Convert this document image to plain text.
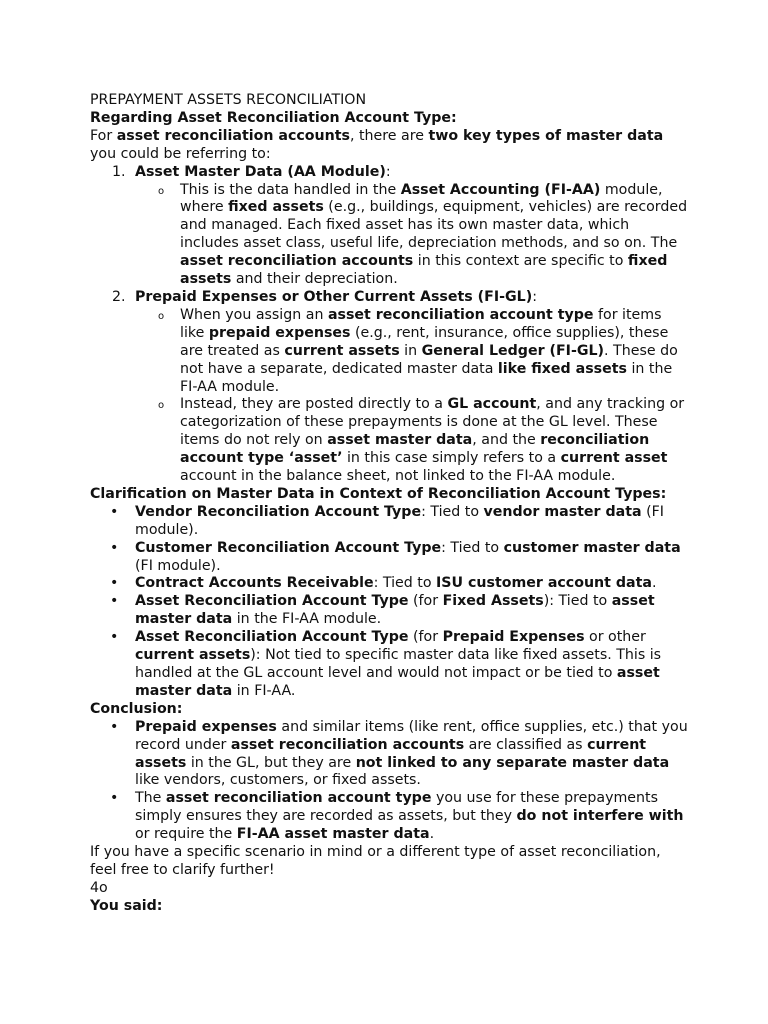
PREPAYMENT ASSETS RECONCILIATION

Regarding Asset Reconciliation Account Type:

For asset reconciliation accounts, there are two key types of master data you could be referring to:

1. Asset Master Data (AA Module):
o This is the data handled in the Asset Accounting (FI-AA) module, where fixed assets (e.g., buildings, equipment, vehicles) are recorded and managed. Each fixed asset has its own master data, which includes asset class, useful life, depreciation methods, and so on. The asset reconciliation accounts in this context are specific to fixed assets and their depreciation.
2. Prepaid Expenses or Other Current Assets (FI-GL):
o When you assign an asset reconciliation account type for items like prepaid expenses (e.g., rent, insurance, office supplies), these are treated as current assets in General Ledger (FI-GL). These do not have a separate, dedicated master data like fixed assets in the FI-AA module.
o Instead, they are posted directly to a GL account, and any tracking or categorization of these prepayments is done at the GL level. These items do not rely on asset master data, and the reconciliation account type ‘asset’ in this case simply refers to a current asset account in the balance sheet, not linked to the FI-AA module.

Clarification on Master Data in Context of Reconciliation Account Types:

• Vendor Reconciliation Account Type: Tied to vendor master data (FI module).
• Customer Reconciliation Account Type: Tied to customer master data (FI module).
• Contract Accounts Receivable: Tied to ISU customer account data.
• Asset Reconciliation Account Type (for Fixed Assets): Tied to asset master data in the FI-AA module.
• Asset Reconciliation Account Type (for Prepaid Expenses or other current assets): Not tied to specific master data like fixed assets. This is handled at the GL account level and would not impact or be tied to asset master data in FI-AA.

Conclusion:

• Prepaid expenses and similar items (like rent, office supplies, etc.) that you record under asset reconciliation accounts are classified as current assets in the GL, but they are not linked to any separate master data like vendors, customers, or fixed assets.
• The asset reconciliation account type you use for these prepayments simply ensures they are recorded as assets, but they do not interfere with or require the FI-AA asset master data.

If you have a specific scenario in mind or a different type of asset reconciliation, feel free to clarify further!

4o

You said:
